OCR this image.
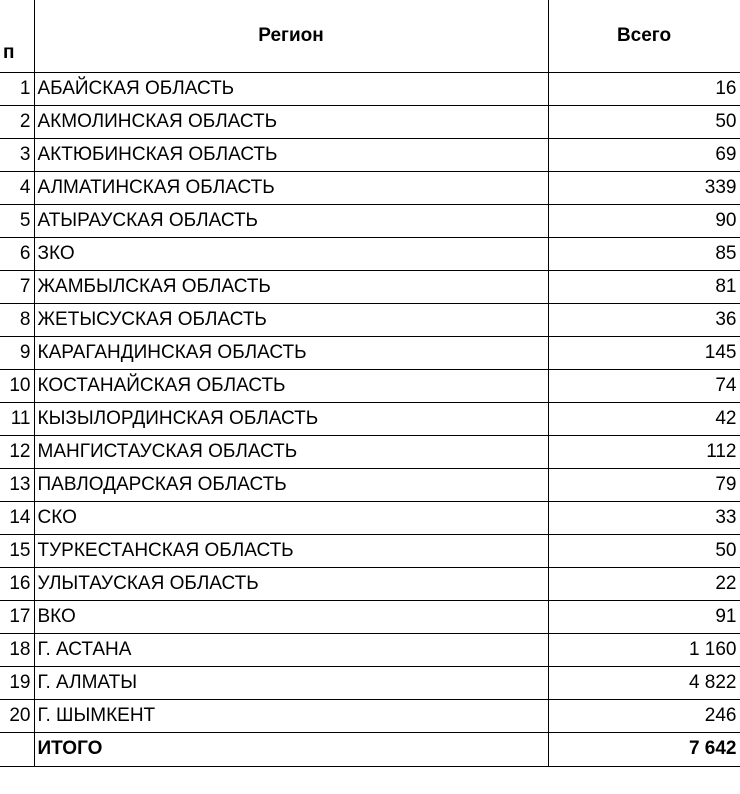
п	Регион	Всего
1	АБАЙСКАЯ ОБЛАСТЬ	16
2	АКМОЛИНСКАЯ ОБЛАСТЬ	50
3	АКТЮБИНСКАЯ ОБЛАСТЬ	69
4	АЛМАТИНСКАЯ ОБЛАСТЬ	339
5	АТЫРАУСКАЯ ОБЛАСТЬ	90
6	ЗКО	85
7	ЖАМБЫЛСКАЯ ОБЛАСТЬ	81
8	ЖЕТЫСУСКАЯ ОБЛАСТЬ	36
9	КАРАГАНДИНСКАЯ ОБЛАСТЬ	145
10	КОСТАНАЙСКАЯ ОБЛАСТЬ	74
11	КЫЗЫЛОРДИНСКАЯ ОБЛАСТЬ	42
12	МАНГИСТАУСКАЯ ОБЛАСТЬ	112
13	ПАВЛОДАРСКАЯ ОБЛАСТЬ	79
14	СКО	33
15	ТУРКЕСТАНСКАЯ ОБЛАСТЬ	50
16	УЛЫТАУСКАЯ ОБЛАСТЬ	22
17	ВКО	91
18	Г. АСТАНА	1 160
19	Г. АЛМАТЫ	4 822
20	Г. ШЫМКЕНТ	246
	ИТОГО	7 642
